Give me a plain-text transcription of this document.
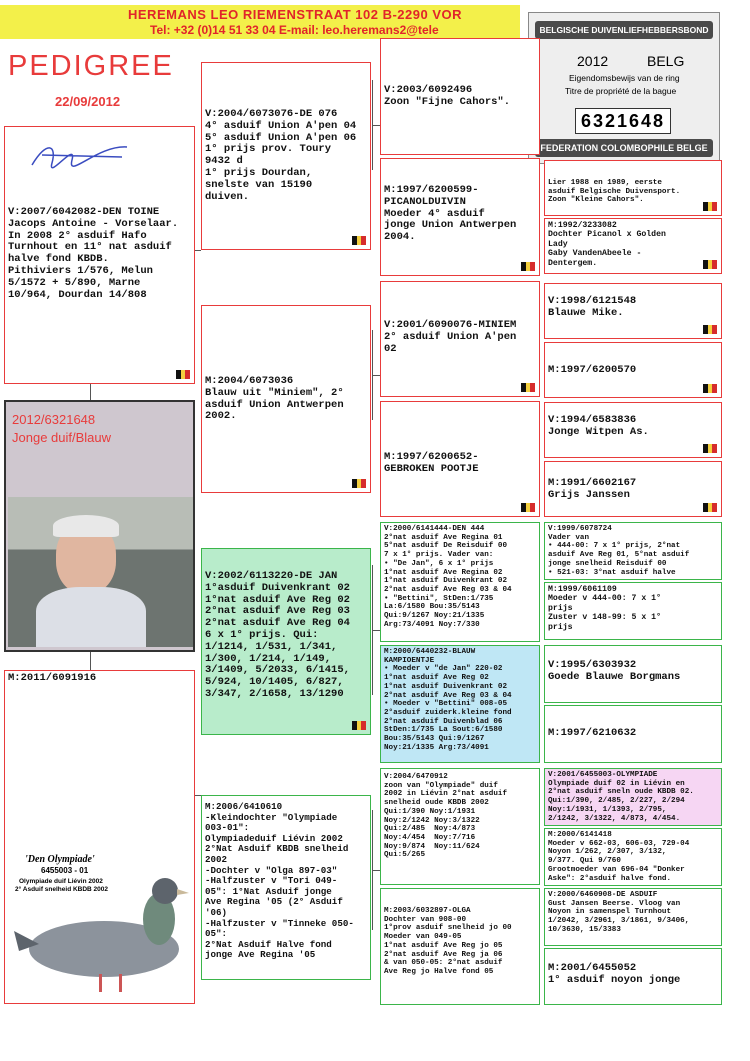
HEREMANS LEO RIEMENSTRAAT 102 B-2290 VOR
Tel: +32 (0)14 51 33 04 E-mail: leo.heremans2@tele
PEDIGREE
22/09/2012
BELGISCHE DUIVENLIEFHEBBERSBOND
2012	BELG
Eigendomsbewijs van de ring
Titre de propriété de la bague
6321648
FEDERATION COLOMBOPHILE BELGE
V:2007/6042082-DEN TOINE
Jacops Antoine - Vorselaar.
In 2008 2° asduif Hafo
Turnhout en 11° nat asduif
halve fond KBDB.
Pithiviers 1/576, Melun
5/1572 + 5/890, Marne
10/964, Dourdan 14/808
2012/6321648
Jonge duif/Blauw
M:2011/6091916
'Den Olympiade'
6455003 - 01
Olympiade duif Liévin 2002
2° Asduif snelheid KBDB 2002
V:2004/6073076-DE 076
4° asduif Union A'pen 04
5° asduif Union A'pen 06
1° prijs prov. Toury
9432 d
1° prijs Dourdan,
snelste van 15190
duiven.
M:2004/6073036
Blauw uit "Miniem", 2°
asduif Union Antwerpen
2002.
V:2002/6113220-DE JAN
1°asduif Duivenkrant 02
1°nat asduif Ave Reg 02
2°nat asduif Ave Reg 03
2°nat asduif Ave Reg 04
6 x 1° prijs. Qui:
1/1214, 1/531, 1/341,
1/300, 1/214, 1/149,
3/1409, 5/2033, 6/1415,
5/924, 10/1405, 6/827,
3/347, 2/1658, 13/1290
M:2006/6410610
-Kleindochter "Olympiade
003-01":
Olympiadeduif Liévin 2002
2°Nat Asduif KBDB snelheid
2002
-Dochter v "Olga 897-03"
-Halfzuster v "Tori 049-
05": 1°Nat Asduif jonge
Ave Regina '05 (2° Asduif
'06)
-Halfzuster v "Tinneke 050-
05":
2°Nat Asduif Halve fond
jonge Ave Regina '05
V:2003/6092496
Zoon "Fijne Cahors".
M:1997/6200599-
PICANOLDUIVIN
Moeder 4° asduif
jonge Union Antwerpen
2004.
V:2001/6090076-MINIEM
2° asduif Union A'pen
02
M:1997/6200652-
GEBROKEN POOTJE
V:2000/6141444-DEN 444
2°nat asduif Ave Regina 01
5°nat asduif De Reisduif 00
7 x 1° prijs. Vader van:
• "De Jan", 6 x 1° prijs
1°nat asduif Ave Regina 02
1°nat asduif Duivenkrant 02
2°nat asduif Ave Reg 03 & 04
• "Bettini", StDen:1/735
La:6/1580 Bou:35/5143
Qui:9/1267 Noy:21/1335
Arg:73/4091 Noy:7/330
M:2000/6440232-BLAUW
KAMPIOENTJE
• Moeder v "de Jan" 220-02
1°nat asduif Ave Reg 02
1°nat asduif Duivenkrant 02
2°nat asduif Ave Reg 03 & 04
• Moeder v "Bettini" 008-05
2°asduif zuiderk.kleine fond
2°nat asduif Duivenblad 06
StDen:1/735 La Sout:6/1580
Bou:35/5143 Qui:9/1267
Noy:21/1335 Arg:73/4091
V:2004/6470912
zoon van "Olympiade" duif
2002 in Liévin 2°nat asduif
snelheid oude KBDB 2002
Qui:1/390 Noy:1/1931
Noy:2/1242 Noy:3/1322
Qui:2/485  Noy:4/873
Noy:4/454  Noy:7/716
Noy:9/874  Noy:11/624
Qui:5/265
M:2003/6032897-OLGA
Dochter van 908-00
1°prov asduif snelheid jo 00
Moeder van 049-05
1°nat asduif Ave Reg jo 05
2°nat asduif Ave Reg ja 06
& van 050-05: 2°nat asduif
Ave Reg jo Halve fond 05
Lier 1988 en 1989, eerste
asduif Belgische Duivensport.
Zoon "Kleine Cahors".
M:1992/3233082
Dochter Picanol x Golden
Lady
Gaby VandenAbeele -
Dentergem.
V:1998/6121548
Blauwe Mike.
M:1997/6200570
V:1994/6583836
Jonge Witpen As.
M:1991/6602167
Grijs Janssen
V:1999/6078724
Vader van
• 444-00: 7 x 1° prijs, 2°nat
asduif Ave Reg 01, 5°nat asduif
jonge snelheid Reisduif 00
• 521-03: 3°nat asduif halve
M:1999/6061109
Moeder v 444-00: 7 x 1°
prijs
Zuster v 148-99: 5 x 1°
prijs
V:1995/6303932
Goede Blauwe Borgmans
M:1997/6210632
V:2001/6455003-OLYMPIADE
Olympiade duif 02 in Liévin en
2°nat asduif sneln oude KBDB 02.
Qui:1/390, 2/485, 2/227, 2/294
Noy:1/1931, 1/1393, 2/795,
2/1242, 3/1322, 4/873, 4/454.
M:2000/6141418
Moeder v 662-03, 606-03, 729-04
Noyon 1/262, 2/307, 3/132,
9/377. Qui 9/760
Grootmoeder van 696-04 "Donker
Aske": 2°asduif halve fond.
V:2000/6460908-DE ASDUIF
Gust Jansen Beerse. Vloog van
Noyon in samenspel Turnhout
1/2042, 3/2961, 3/1861, 9/3406,
10/3630, 15/3383
M:2001/6455052
1° asduif noyon jonge
